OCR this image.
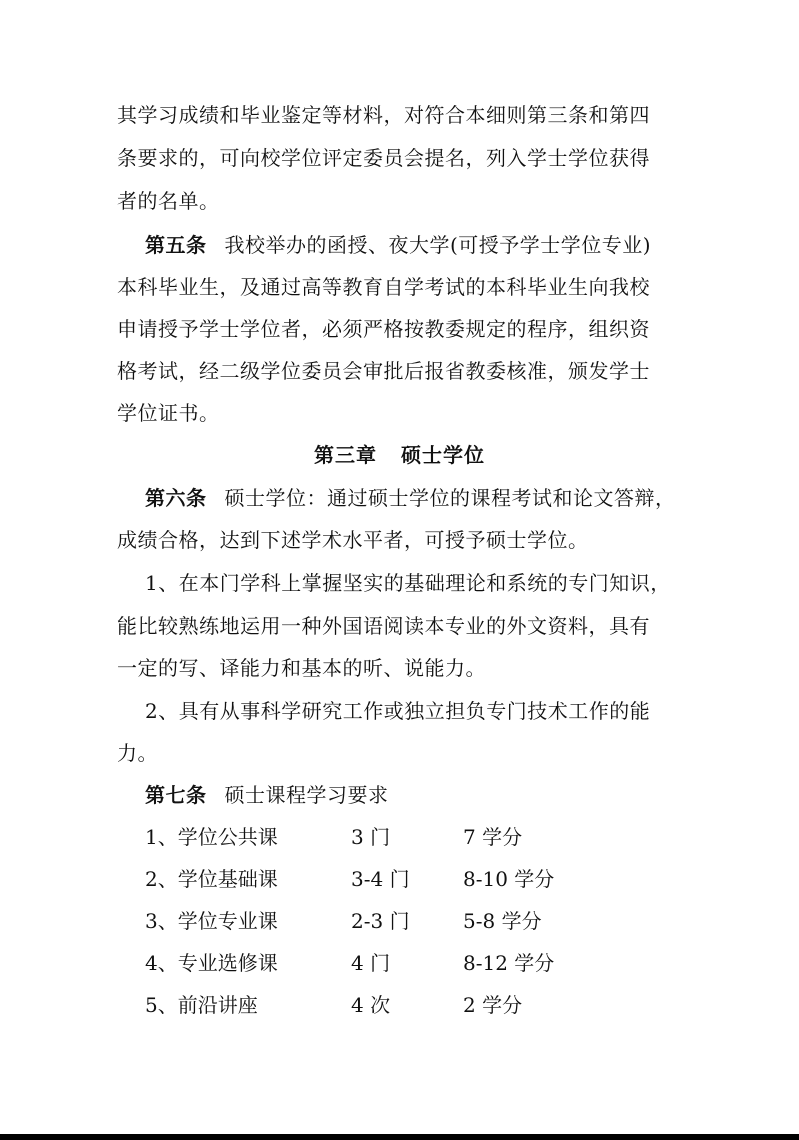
其学习成绩和毕业鉴定等材料，对符合本细则第三条和第四
条要求的，可向校学位评定委员会提名，列入学士学位获得
者的名单。
第五条 我校举办的函授、夜大学(可授予学士学位专业)
本科毕业生，及通过高等教育自学考试的本科毕业生向我校
申请授予学士学位者，必须严格按教委规定的程序，组织资
格考试，经二级学位委员会审批后报省教委核准，颁发学士
学位证书。
第三章 硕士学位
第六条 硕士学位：通过硕士学位的课程考试和论文答辩，
成绩合格，达到下述学术水平者，可授予硕士学位。
1、在本门学科上掌握坚实的基础理论和系统的专门知识，
能比较熟练地运用一种外国语阅读本专业的外文资料，具有
一定的写、译能力和基本的听、说能力。
2、具有从事科学研究工作或独立担负专门技术工作的能
力。
第七条 硕士课程学习要求
1、学位公共课	3 门	7 学分
2、学位基础课	3-4 门	8-10 学分
3、学位专业课	2-3 门	5-8 学分
4、专业选修课	4 门	8-12 学分
5、前沿讲座	4 次	2 学分
